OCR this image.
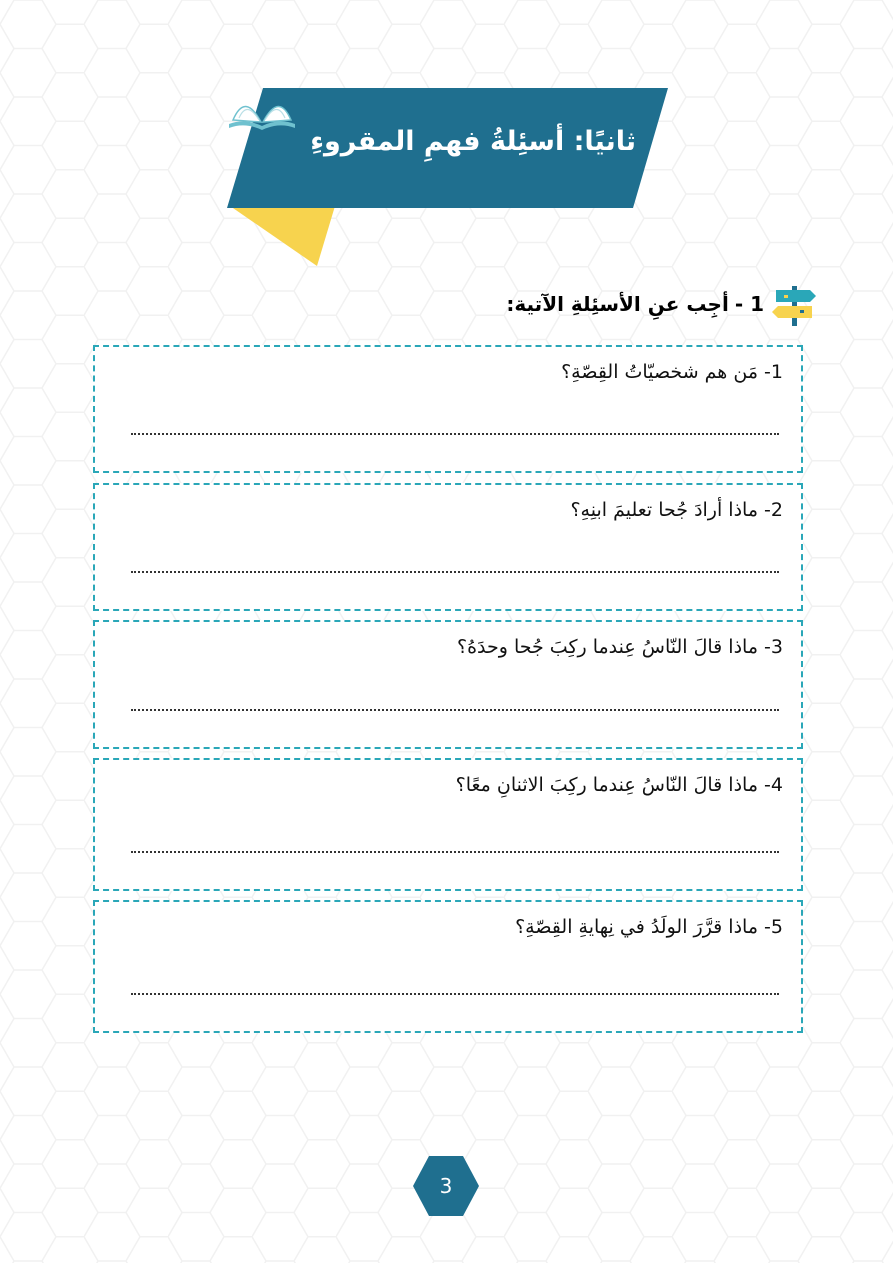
ثانيًا: أسئِلةُ فهمِ المقروءِ
1 -
أجِب عنِ الأسئِلةِ الآتية:
1- مَن هم شخصيّاتُ القِصّةِ؟
2- ماذا أرادَ جُحا تعليمَ ابنِهِ؟
3- ماذا قالَ النّاسُ عِندما ركِبَ جُحا وحدَهُ؟
4- ماذا قالَ النّاسُ عِندما ركِبَ الاثنانِ معًا؟
5- ماذا قرَّرَ الولَدُ في نِهايةِ القِصّةِ؟
3
